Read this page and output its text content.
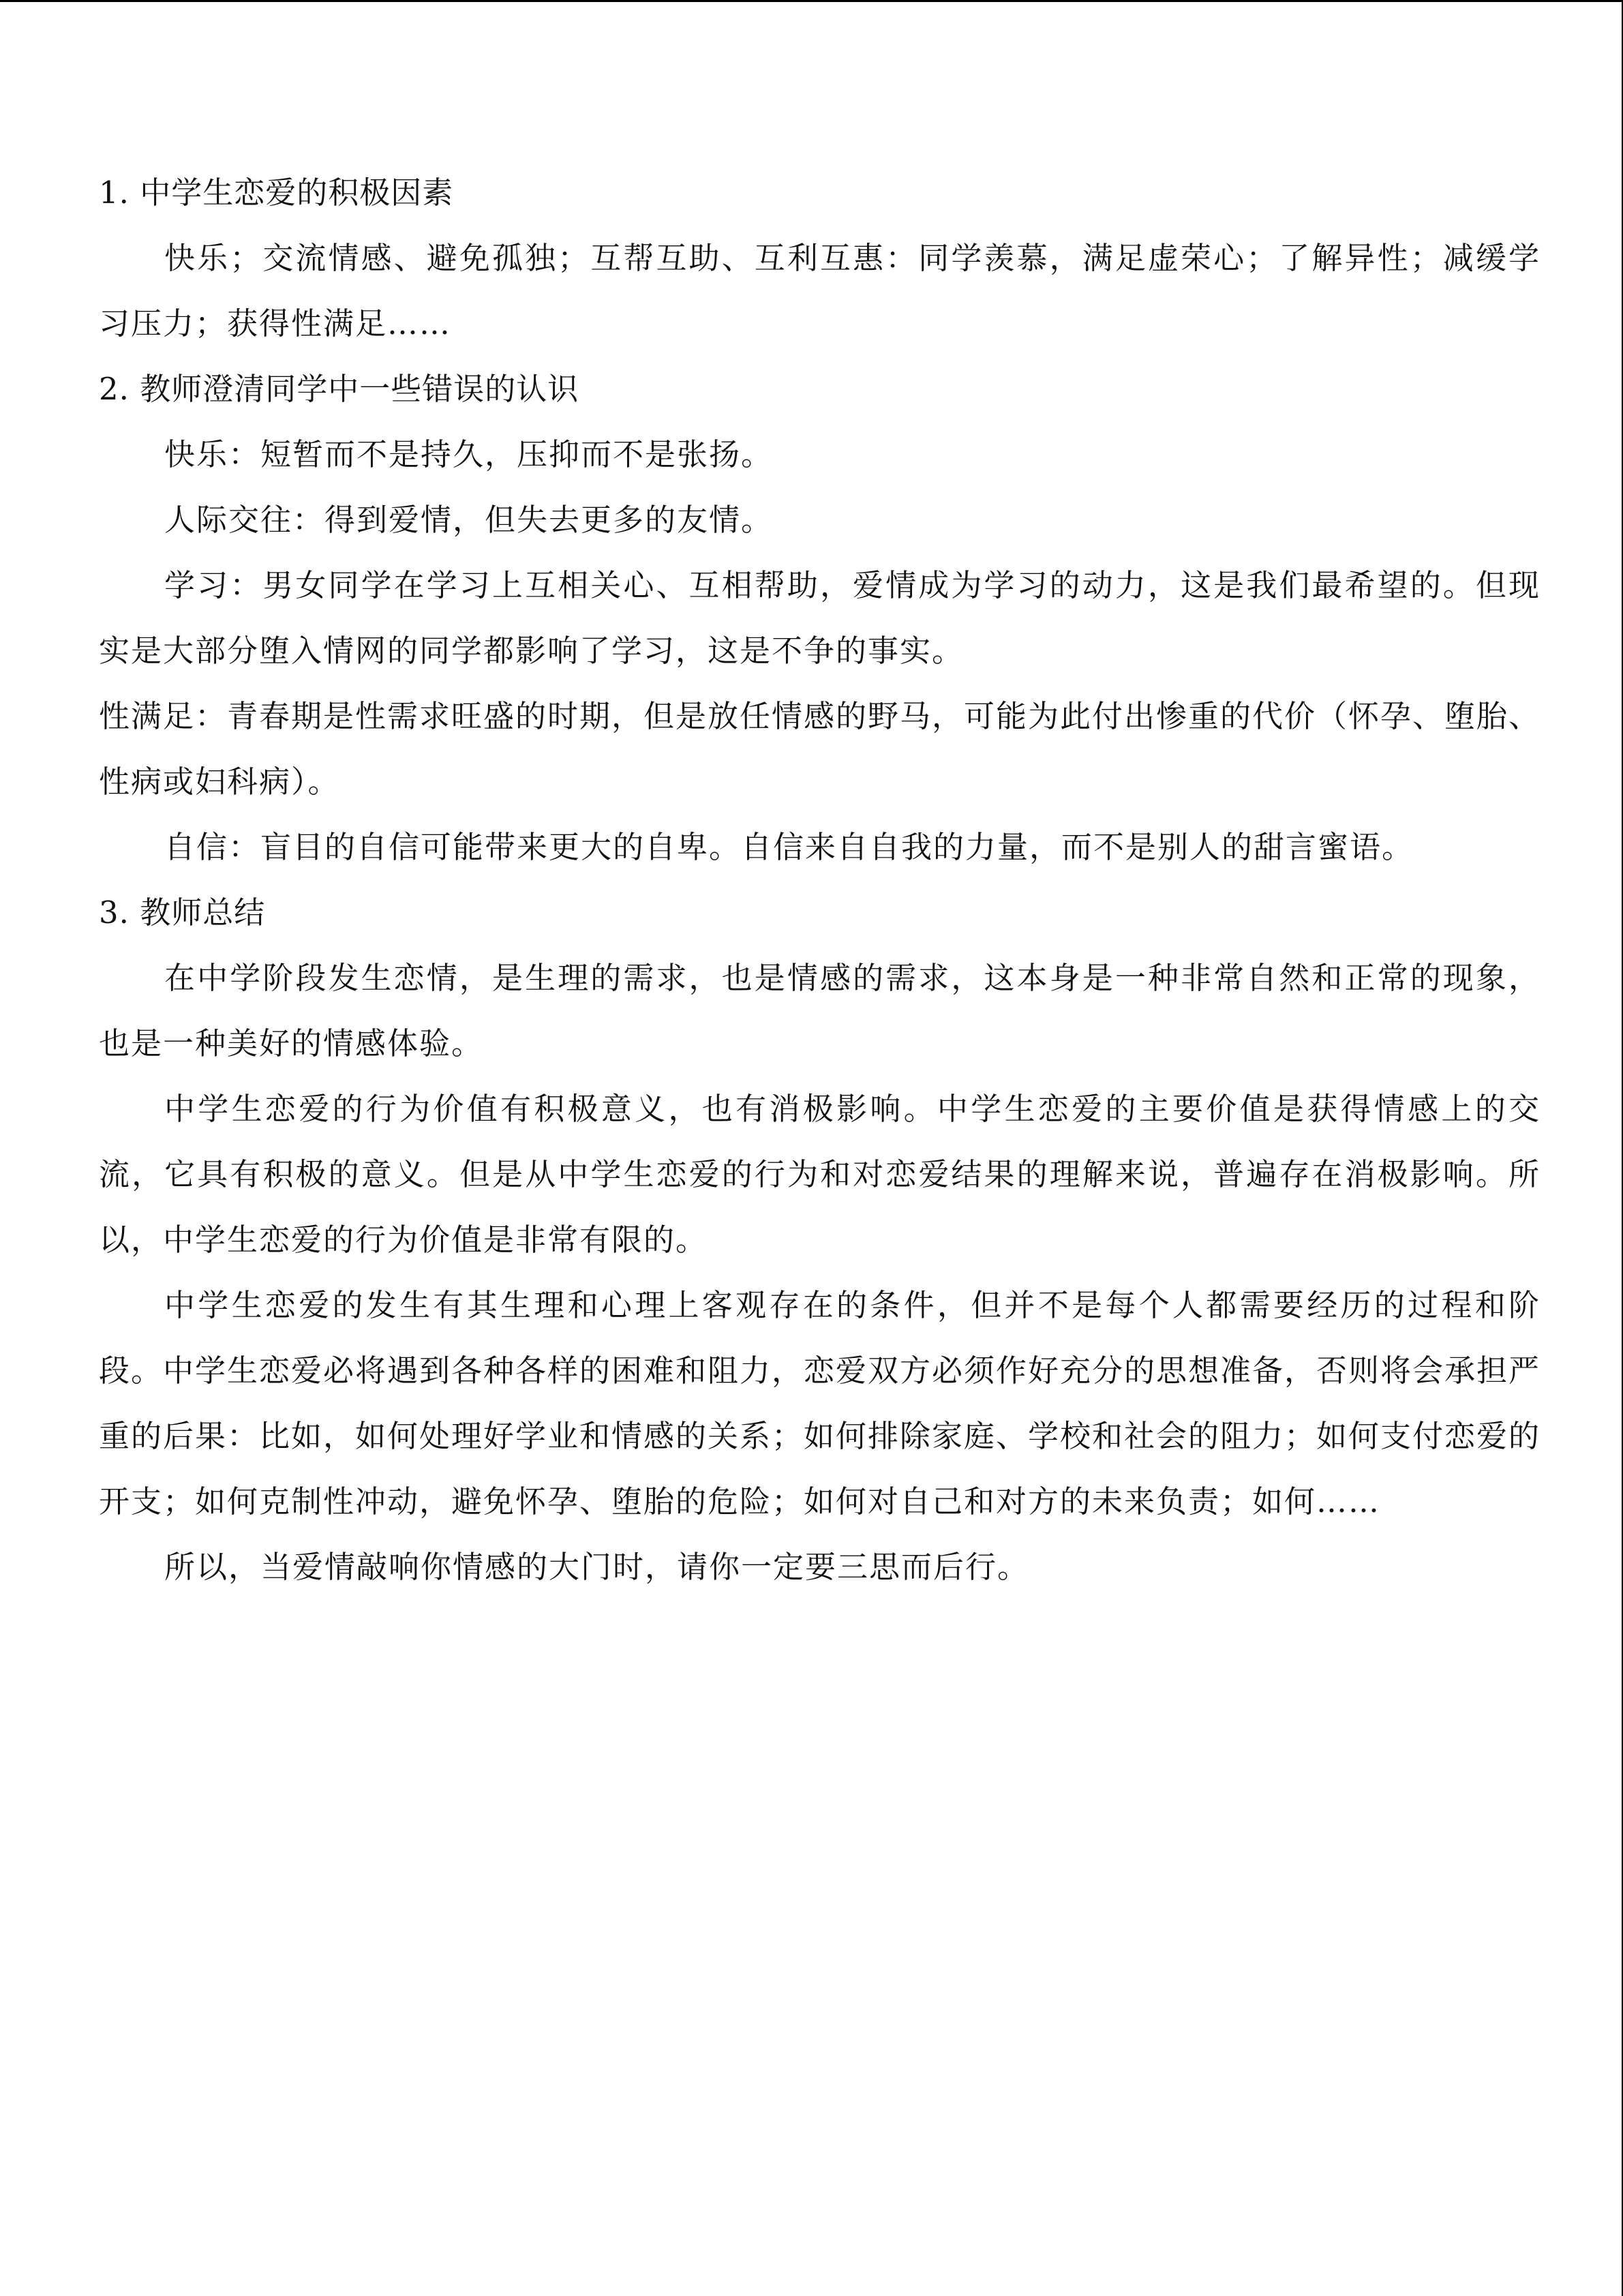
1. 中学生恋爱的积极因素

快乐；交流情感、避免孤独；互帮互助、互利互惠：同学羡慕，满足虚荣心；了解异性；减缓学习压力；获得性满足……

2. 教师澄清同学中一些错误的认识

快乐：短暂而不是持久，压抑而不是张扬。

人际交往：得到爱情，但失去更多的友情。

学习：男女同学在学习上互相关心、互相帮助，爱情成为学习的动力，这是我们最希望的。但现实是大部分堕入情网的同学都影响了学习，这是不争的事实。

性满足：青春期是性需求旺盛的时期，但是放任情感的野马，可能为此付出惨重的代价（怀孕、堕胎、性病或妇科病）。

自信：盲目的自信可能带来更大的自卑。自信来自自我的力量，而不是别人的甜言蜜语。

3. 教师总结

在中学阶段发生恋情，是生理的需求，也是情感的需求，这本身是一种非常自然和正常的现象，也是一种美好的情感体验。

中学生恋爱的行为价值有积极意义，也有消极影响。中学生恋爱的主要价值是获得情感上的交流，它具有积极的意义。但是从中学生恋爱的行为和对恋爱结果的理解来说，普遍存在消极影响。所以，中学生恋爱的行为价值是非常有限的。

中学生恋爱的发生有其生理和心理上客观存在的条件，但并不是每个人都需要经历的过程和阶段。中学生恋爱必将遇到各种各样的困难和阻力，恋爱双方必须作好充分的思想准备，否则将会承担严重的后果：比如，如何处理好学业和情感的关系；如何排除家庭、学校和社会的阻力；如何支付恋爱的开支；如何克制性冲动，避免怀孕、堕胎的危险；如何对自己和对方的未来负责；如何……

所以，当爱情敲响你情感的大门时，请你一定要三思而后行。
